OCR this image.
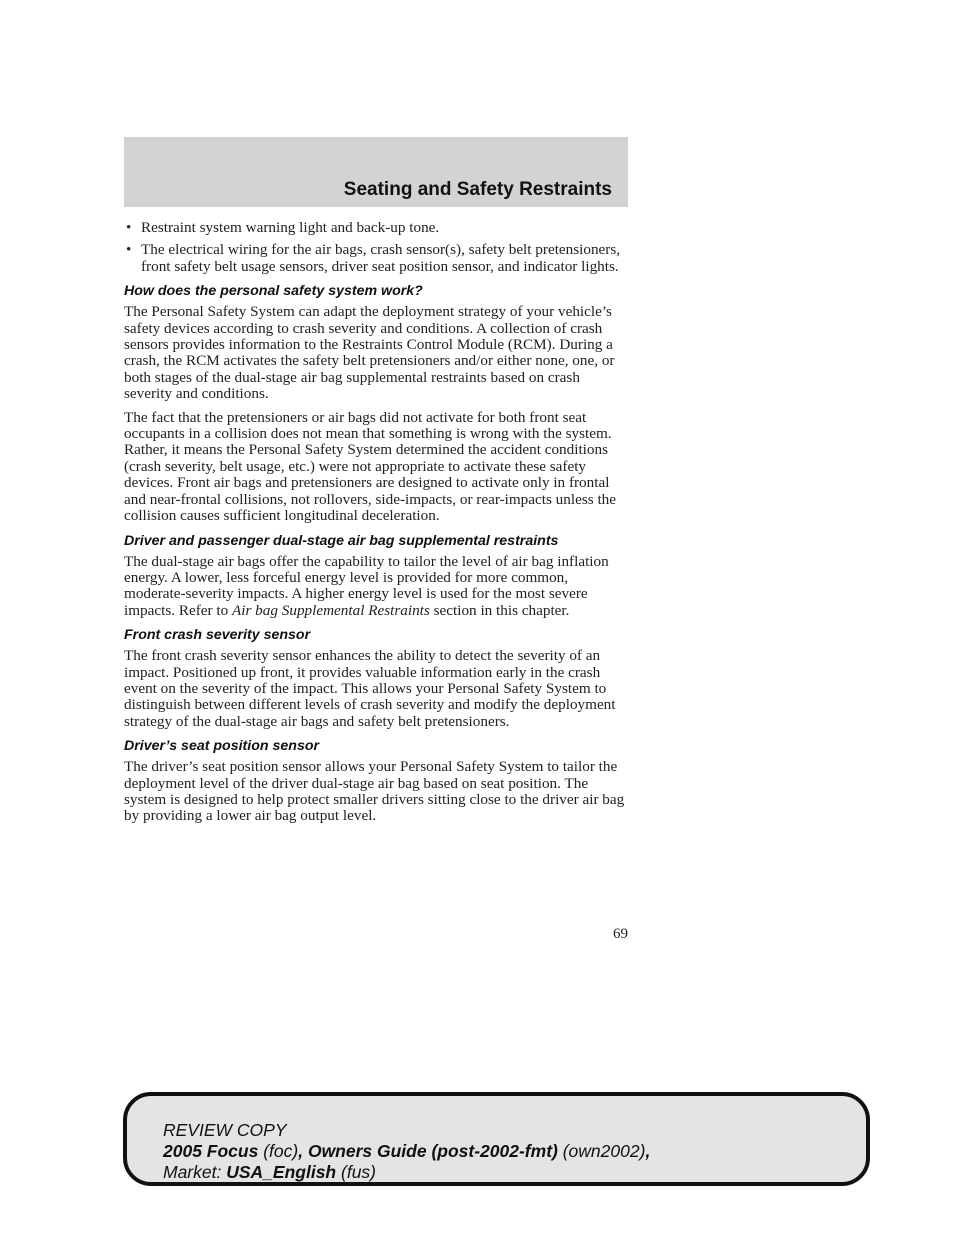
Seating and Safety Restraints
• Restraint system warning light and back-up tone.
• The electrical wiring for the air bags, crash sensor(s), safety belt pretensioners, front safety belt usage sensors, driver seat position sensor, and indicator lights.
How does the personal safety system work?

The Personal Safety System can adapt the deployment strategy of your vehicle’s safety devices according to crash severity and conditions. A collection of crash sensors provides information to the Restraints Control Module (RCM). During a crash, the RCM activates the safety belt pretensioners and/or either none, one, or both stages of the dual-stage air bag supplemental restraints based on crash severity and conditions.

The fact that the pretensioners or air bags did not activate for both front seat occupants in a collision does not mean that something is wrong with the system. Rather, it means the Personal Safety System determined the accident conditions (crash severity, belt usage, etc.) were not appropriate to activate these safety devices. Front air bags and pretensioners are designed to activate only in frontal and near-frontal collisions, not rollovers, side-impacts, or rear-impacts unless the collision causes sufficient longitudinal deceleration.

Driver and passenger dual-stage air bag supplemental restraints

The dual-stage air bags offer the capability to tailor the level of air bag inflation energy. A lower, less forceful energy level is provided for more common, moderate-severity impacts. A higher energy level is used for the most severe impacts. Refer to Air bag Supplemental Restraints section in this chapter.

Front crash severity sensor

The front crash severity sensor enhances the ability to detect the severity of an impact. Positioned up front, it provides valuable information early in the crash event on the severity of the impact. This allows your Personal Safety System to distinguish between different levels of crash severity and modify the deployment strategy of the dual-stage air bags and safety belt pretensioners.

Driver’s seat position sensor

The driver’s seat position sensor allows your Personal Safety System to tailor the deployment level of the driver dual-stage air bag based on seat position. The system is designed to help protect smaller drivers sitting close to the driver air bag by providing a lower air bag output level.

69
REVIEW COPY
2005 Focus (foc), Owners Guide (post-2002-fmt) (own2002),
Market: USA_English (fus)
